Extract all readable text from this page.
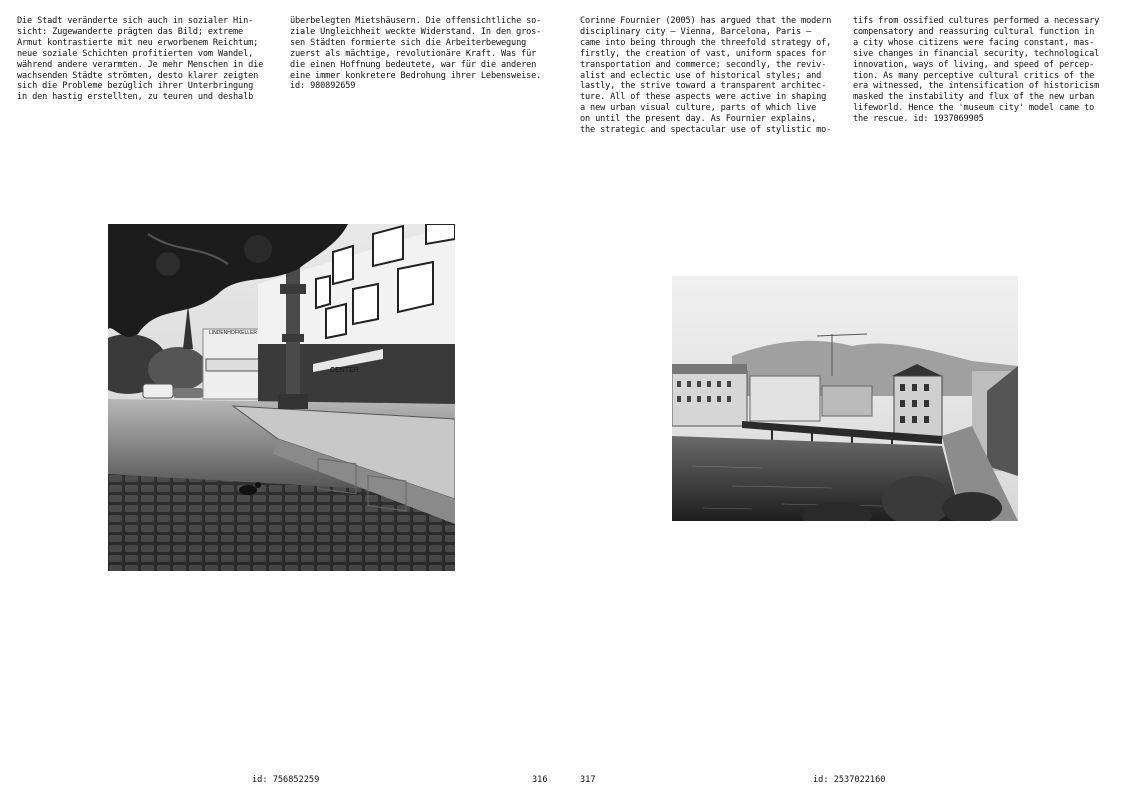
Die Stadt veränderte sich auch in sozialer Hin-
sicht: Zugewanderte prägten das Bild; extreme
Armut kontrastierte mit neu erworbenem Reichtum;
neue soziale Schichten profitierten vom Wandel,
während andere verarmten. Je mehr Menschen in die
wachsenden Städte strömten, desto klarer zeigten
sich die Probleme bezüglich ihrer Unterbringung
in den hastig erstellten, zu teuren und deshalb

überbelegten Mietshäusern. Die offensichtliche so-
ziale Ungleichheit weckte Widerstand. In den gros-
sen Städten formierte sich die Arbeiterbewegung
zuerst als mächtige, revolutionäre Kraft. Was für
die einen Hoffnung bedeutete, war für die anderen
eine immer konkretere Bedrohung ihrer Lebensweise.
id: 980892659

LINDENHOFKELLER
CENTER

id: 756852259	316

Corinne Fournier (2005) has argued that the modern
disciplinary city – Vienna, Barcelona, Paris –
came into being through the threefold strategy of,
firstly, the creation of vast, uniform spaces for
transportation and commerce; secondly, the reviv-
alist and eclectic use of historical styles; and
lastly, the strive toward a transparent architec-
ture. All of these aspects were active in shaping
a new urban visual culture, parts of which live
on until the present day. As Fournier explains,
the strategic and spectacular use of stylistic mo-

tifs from ossified cultures performed a necessary
compensatory and reassuring cultural function in
a city whose citizens were facing constant, mas-
sive changes in financial security, technological
innovation, ways of living, and speed of percep-
tion. As many perceptive cultural critics of the
era witnessed, the intensification of historicism
masked the instability and flux of the new urban
lifeworld. Hence the 'museum city' model came to
the rescue. id: 1937069905

317	id: 2537022160
